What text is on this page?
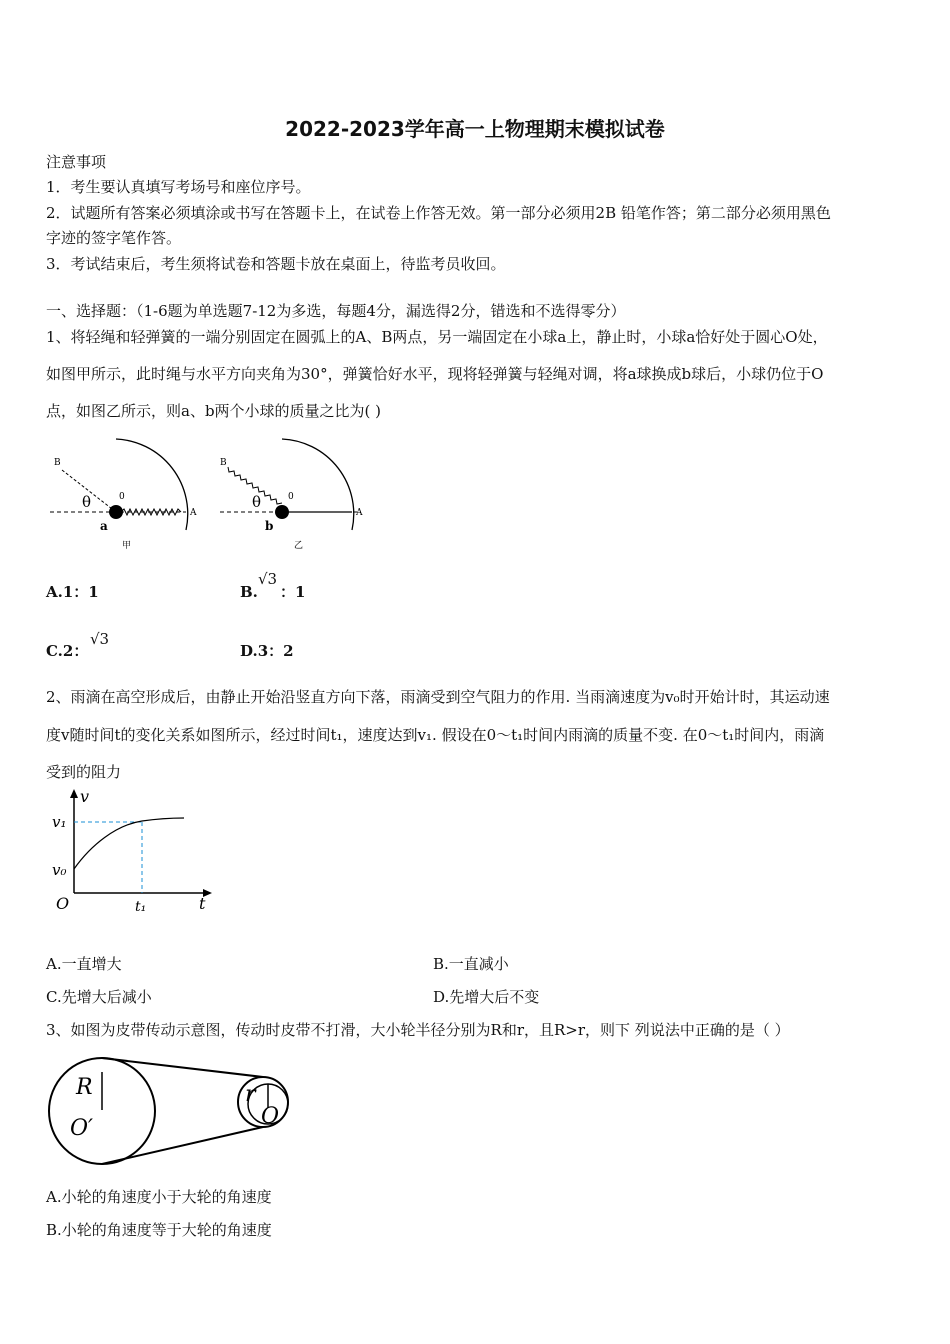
2022-2023学年高一上物理期末模拟试卷
注意事项
1．考生要认真填写考场号和座位序号。
2．试题所有答案必须填涂或书写在答题卡上，在试卷上作答无效。第一部分必须用2B 铅笔作答；第二部分必须用黑色
字迹的签字笔作答。
3．考试结束后，考生须将试卷和答题卡放在桌面上，待监考员收回。
一、选择题：（1-6题为单选题7-12为多选，每题4分，漏选得2分，错选和不选得零分）
1、将轻绳和轻弹簧的一端分别固定在圆弧上的A、B两点，另一端固定在小球a上，静止时，小球a恰好处于圆心O处，
如图甲所示，此时绳与水平方向夹角为30°，弹簧恰好水平，现将轻弹簧与轻绳对调，将a球换成b球后，小球仍位于O
点，如图乙所示，则a、b两个小球的质量之比为( )
B
θ	0
A
a
甲
B
θ	0
A
b
乙
A.1：1	B.
√3
：1
C.2：
√3
D.3：2
2、雨滴在高空形成后，由静止开始沿竖直方向下落，雨滴受到空气阻力的作用. 当雨滴速度为v₀时开始计时，其运动速
度v随时间t的变化关系如图所示，经过时间t₁，速度达到v₁. 假设在0～t₁时间内雨滴的质量不变. 在0～t₁时间内，雨滴
受到的阻力
v
v₁
v₀
O	t₁	t
A.一直增大	B.一直减小
C.先增大后减小	D.先增大后不变
3、如图为皮带传动示意图，传动时皮带不打滑，大小轮半径分别为R和r，且R>r，则下 列说法中正确的是（ ）
R
O′
r
O
A.小轮的角速度小于大轮的角速度
B.小轮的角速度等于大轮的角速度
